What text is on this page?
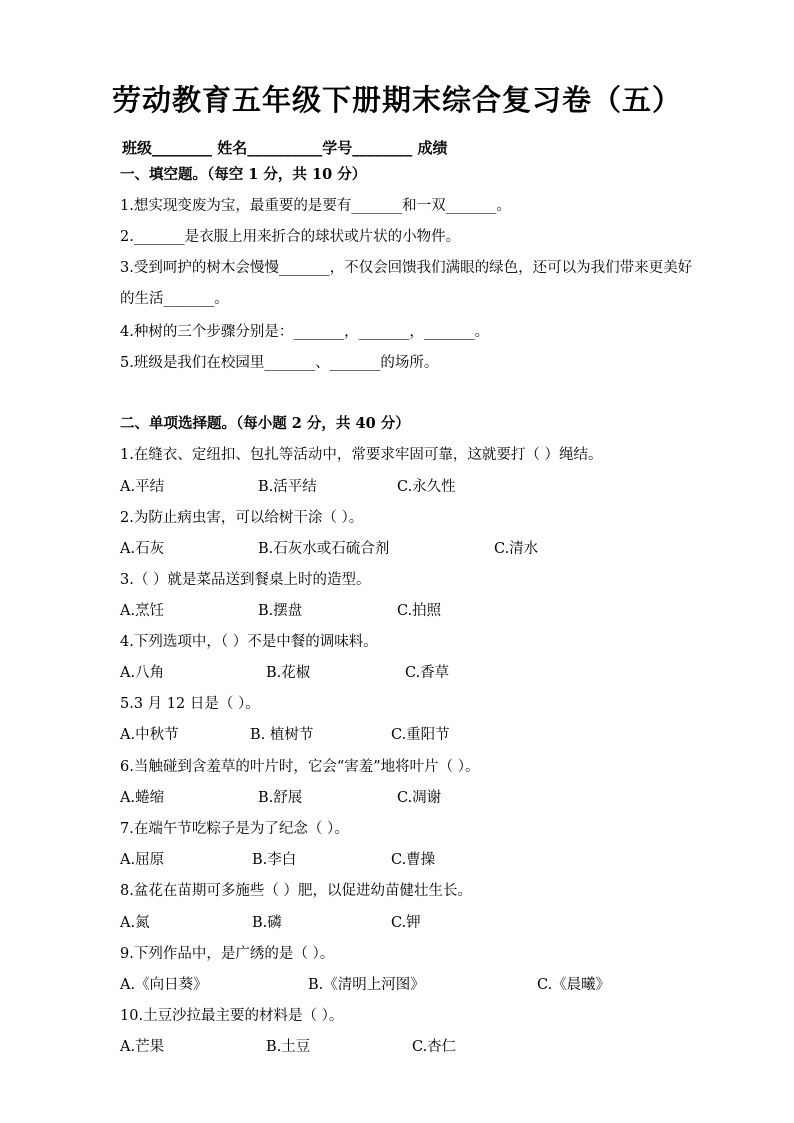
劳动教育五年级下册期末综合复习卷（五）
班级________ 姓名__________学号________ 成绩
一、填空题。（每空 1 分，共 10 分）
1.想实现变废为宝，最重要的是要有_______和一双_______。
2._______是衣服上用来折合的球状或片状的小物件。
3.受到呵护的树木会慢慢_______，不仅会回馈我们满眼的绿色，还可以为我们带来更美好
的生活_______。
4.种树的三个步骤分别是：_______，_______，_______。
5.班级是我们在校园里_______、_______的场所。
二、单项选择题。（每小题 2 分，共 40 分）
1.在缝衣、定纽扣、包扎等活动中，常要求牢固可靠，这就要打（ ）绳结。
A.平结	B.活平结	C.永久性
2.为防止病虫害，可以给树干涂（ ）。
A.石灰	B.石灰水或石硫合剂	C.清水
3.（ ）就是菜品送到餐桌上时的造型。
A.烹饪	B.摆盘	C.拍照
4.下列选项中，（ ）不是中餐的调味料。
A.八角	B.花椒	C.香草
5.3 月 12 日是（ ）。
A.中秋节	B. 植树节	C.重阳节
6.当触碰到含羞草的叶片时，它会“害羞”地将叶片（ ）。
A.蜷缩	B.舒展	C.凋谢
7.在端午节吃粽子是为了纪念（ ）。
A.屈原	B.李白	C.曹操
8.盆花在苗期可多施些（ ）肥，以促进幼苗健壮生长。
A.氮	B.磷	C.钾
9.下列作品中，是广绣的是（ ）。
A.《向日葵》	B.《清明上河图》	C.《晨曦》
10.土豆沙拉最主要的材料是（ ）。
A.芒果	B.土豆	C.杏仁
